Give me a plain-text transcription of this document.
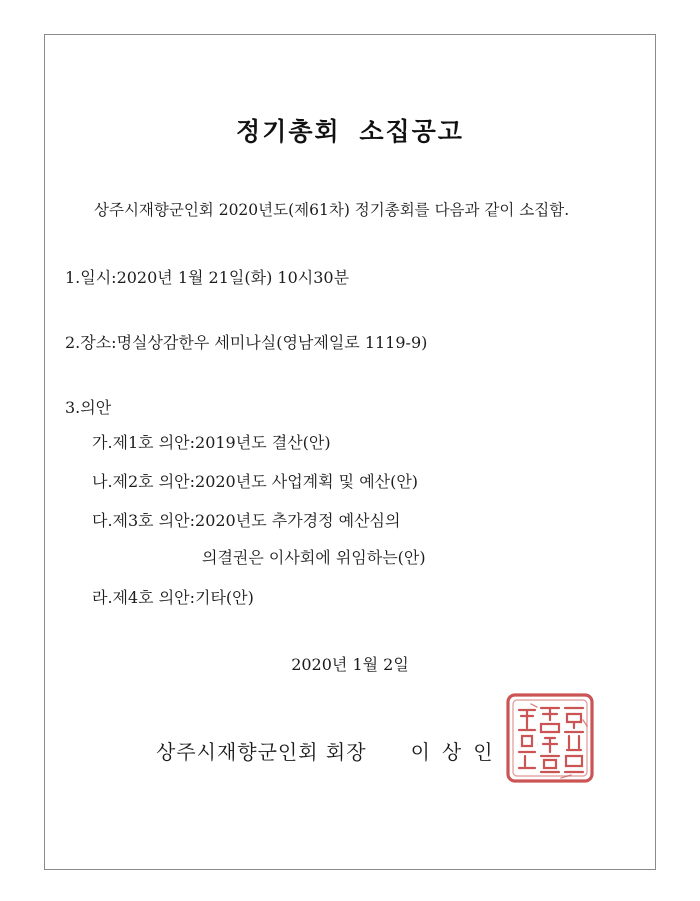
정기총회 소집공고
상주시재향군인회 2020년도(제61차) 정기총회를 다음과 같이 소집함.
1.일시:2020년 1월 21일(화) 10시30분
2.장소:명실상감한우 세미나실(영남제일로 1119-9)
3.의안
가.제1호 의안:2019년도 결산(안)
나.제2호 의안:2020년도 사업계획 및 예산(안)
다.제3호 의안:2020년도 추가경정 예산심의
의결권은 이사회에 위임하는(안)
라.제4호 의안:기타(안)
2020년 1월 2일
상주시재향군인회 회장 이상인
